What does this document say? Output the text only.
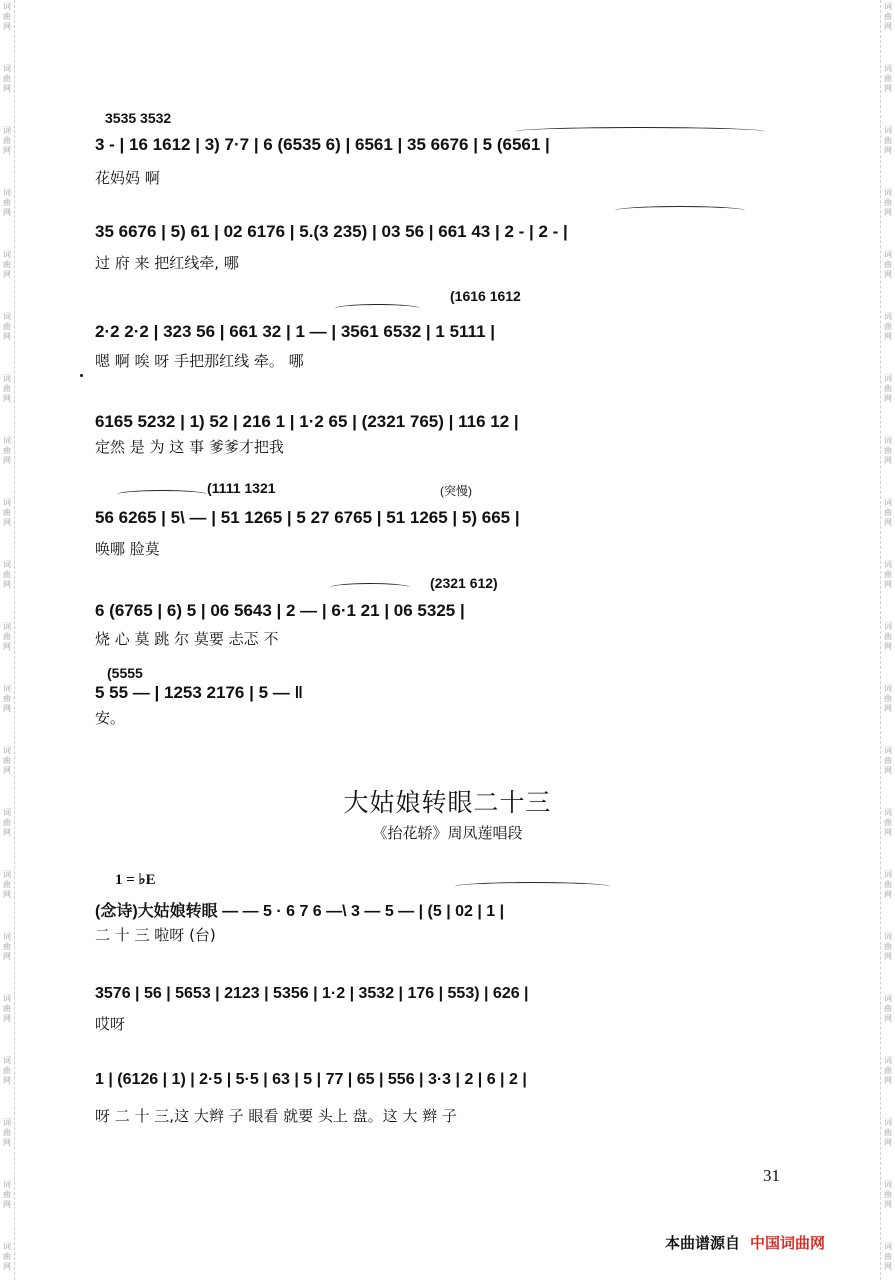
词曲网
词曲网
词曲网
词曲网
词曲网
词曲网
词曲网
词曲网
词曲网
词曲网
词曲网
词曲网
词曲网
词曲网
词曲网
词曲网
词曲网
词曲网
词曲网
词曲网
词曲网
词曲网
词曲网
词曲网
词曲网
词曲网
词曲网
词曲网
词曲网
词曲网
词曲网
词曲网
词曲网
词曲网
词曲网
词曲网
词曲网
词曲网
词曲网
词曲网
词曲网
词曲网
3535 3532
3 - | 16 1612 | 3) 7·7 | 6 (6535 6) | 6561 | 35 6676 | 5 (6561 |
花妈妈 啊
35 6676 | 5) 61 | 02 6176 | 5.(3 235) | 03 56 | 661 43 | 2 - | 2 - |
过 府 来 把红线牵, 哪
(1616 1612
2·2 2·2 | 323 56 | 661 32 | 1 — | 3561 6532 | 1 5111 |
嗯 啊 唉 呀 手把那红线 牵。 哪
6165 5232 | 1) 52 | 216 1 | 1·2 65 | (2321 765) | 116 12 |
定然 是 为 这 事 爹爹才把我
(1111 1321	(突慢)
56 6265 | 5\ — | 51 1265 | 5 27 6765 | 51 1265 | 5) 665 |
唤哪 脸莫
(2321 612)
6 (6765 | 6) 5 | 06 5643 | 2 — | 6·1 21 | 06 5325 |
烧 心 莫 跳 尔 莫要 忐忑 不
(5555
5 55 — | 1253 2176 | 5 — ‖
安。
大姑娘转眼二十三
《抬花轿》周凤莲唱段
1 = ♭E
(念诗)大姑娘转眼 — — 5 · 6 7 6 —\ 3 — 5 — | (5 | 02 | 1 |
二 十 三 啦呀 (台)
3576 | 56 | 5653 | 2123 | 5356 | 1·2 | 3532 | 176 | 553) | 626 |
哎呀
1 | (6126 | 1) | 2·5 | 5·5 | 63 | 5 | 77 | 65 | 556 | 3·3 | 2 | 6 | 2 |
呀 二 十 三,这 大辫 子 眼看 就要 头上 盘。这 大 辫 子
31
本曲谱源自 中国词曲网
